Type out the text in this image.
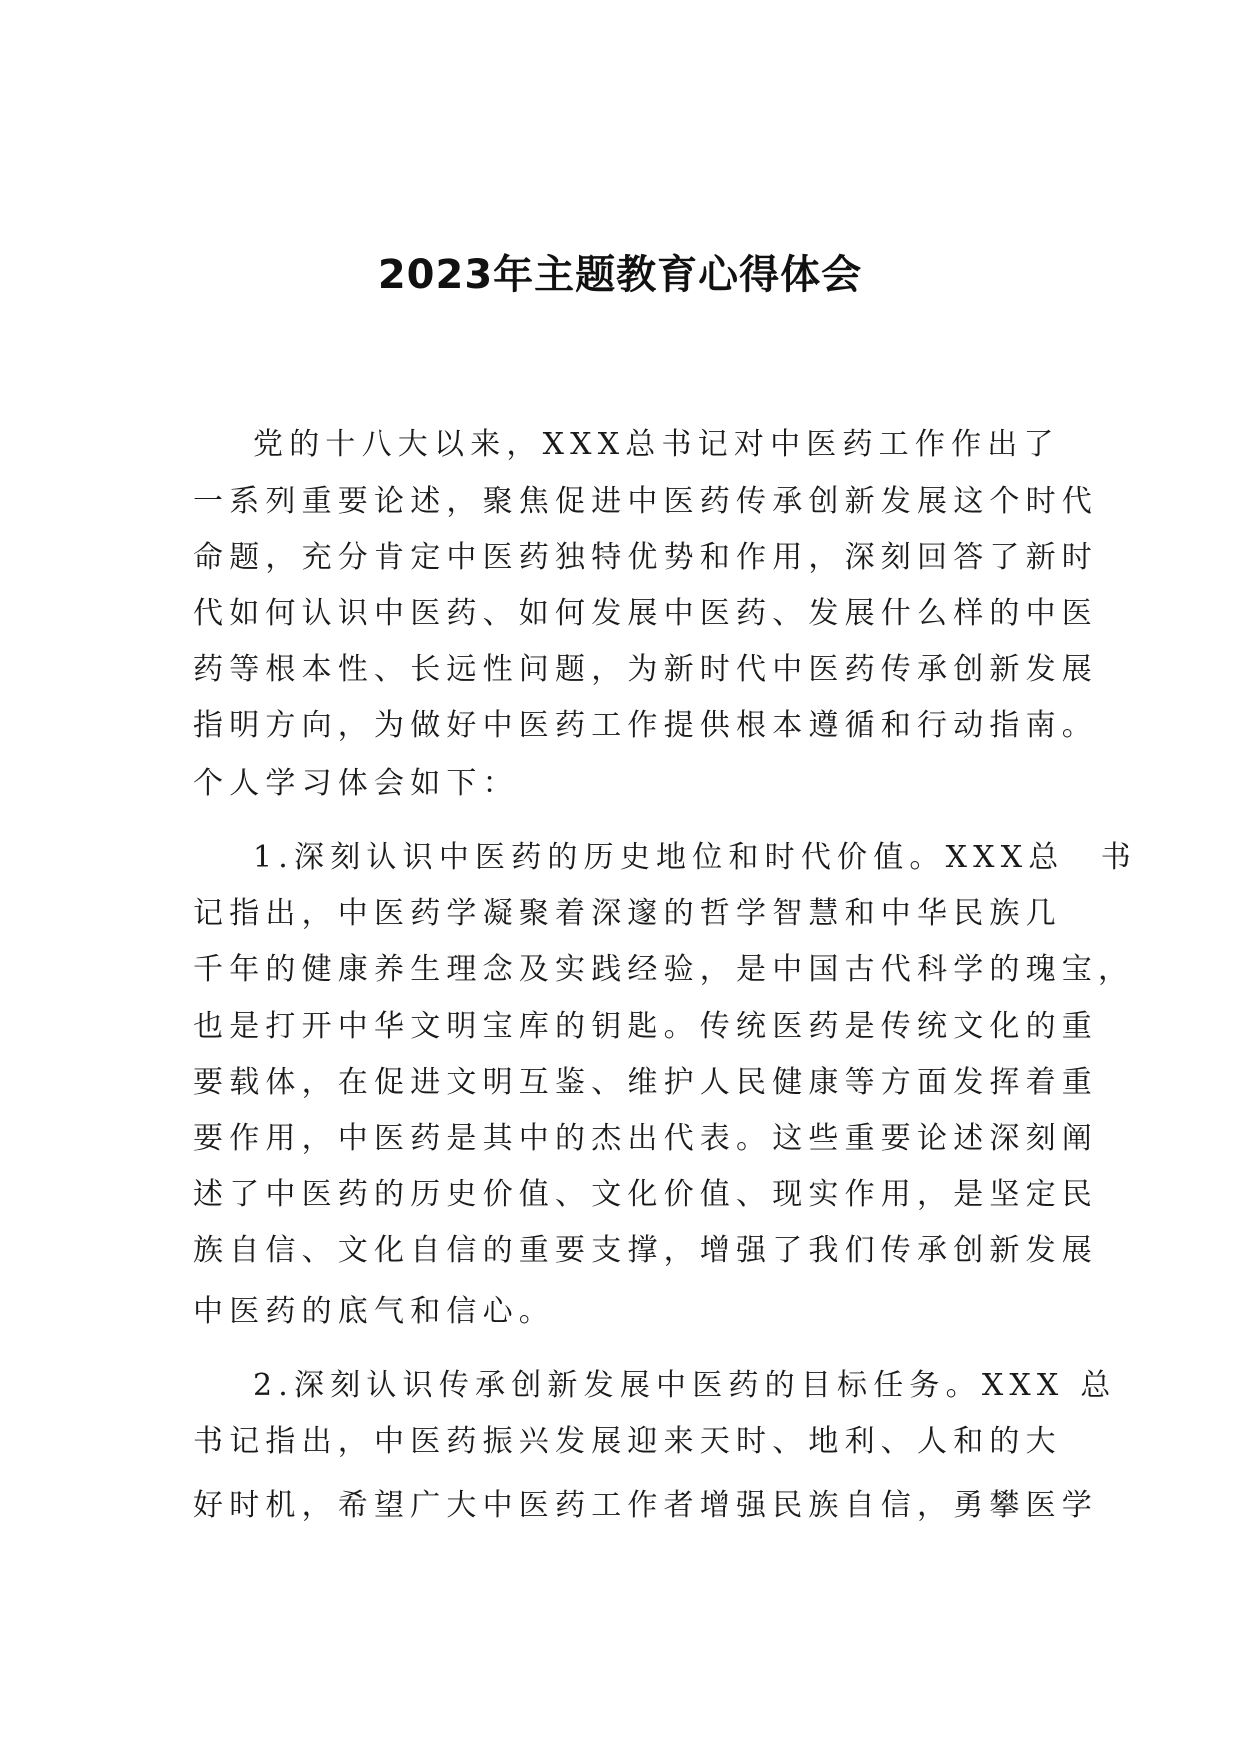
2023年主题教育心得体会
党的十八大以来，XXX总书记对中医药工作作出了
一系列重要论述，聚焦促进中医药传承创新发展这个时代
命题，充分肯定中医药独特优势和作用，深刻回答了新时
代如何认识中医药、如何发展中医药、发展什么样的中医
药等根本性、长远性问题，为新时代中医药传承创新发展
指明方向，为做好中医药工作提供根本遵循和行动指南。
个人学习体会如下：
1.深刻认识中医药的历史地位和时代价值。XXX总　书
记指出，中医药学凝聚着深邃的哲学智慧和中华民族几
千年的健康养生理念及实践经验，是中国古代科学的瑰宝，
也是打开中华文明宝库的钥匙。传统医药是传统文化的重
要载体，在促进文明互鉴、维护人民健康等方面发挥着重
要作用，中医药是其中的杰出代表。这些重要论述深刻阐
述了中医药的历史价值、文化价值、现实作用，是坚定民
族自信、文化自信的重要支撑，增强了我们传承创新发展
中医药的底气和信心。
2.深刻认识传承创新发展中医药的目标任务。XXX 总
书记指出，中医药振兴发展迎来天时、地利、人和的大
好时机，希望广大中医药工作者增强民族自信，勇攀医学
